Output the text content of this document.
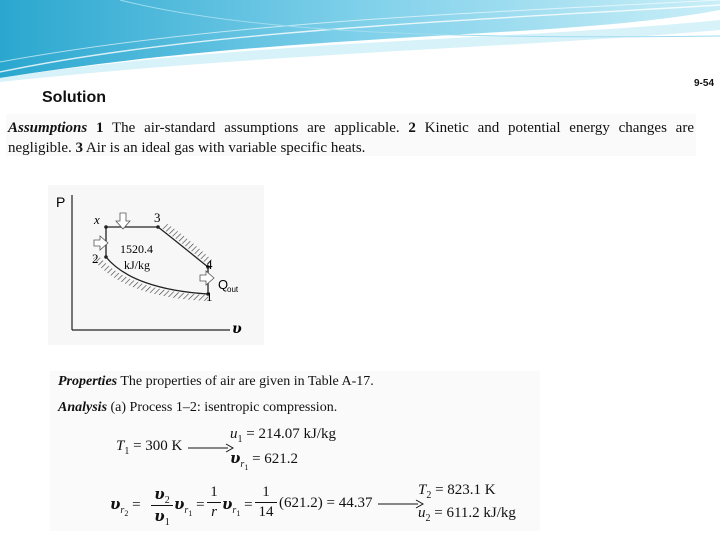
9-54
Solution
Assumptions 1 The air-standard assumptions are applicable. 2 Kinetic and potential energy changes are negligible. 3 Air is an ideal gas with variable specific heats.
P
υ
x	3
2	4
1
1520.4
kJ/kg
Q
out
Properties The properties of air are given in Table A-17.
Analysis (a) Process 1–2: isentropic compression.
$T_1 = 300$ K
$u_1 = 214.07$ kJ/kg
$\upsilon_{r1} = 621.2$
$\upsilon_{r2}$ =
$\upsilon_2$
$\upsilon_1$
$\upsilon_{r1}$ =
1
r $\upsilon_{r1}$ =
1
14
(621.2) = 44.37
$T_2 = 823.1$ K
$u_2 = 611.2$ kJ/kg
